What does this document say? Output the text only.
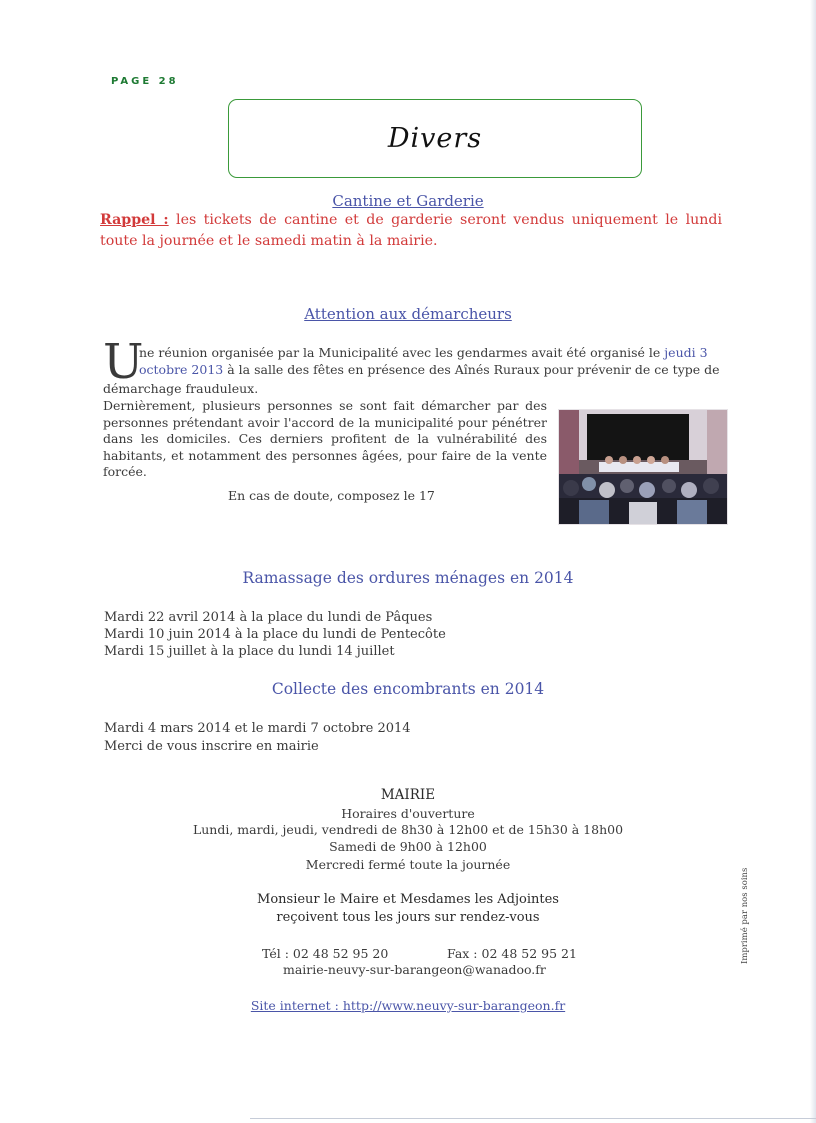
PAGE 28
Divers
Cantine et Garderie
Rappel : les tickets de cantine et de garderie seront vendus uniquement le lundi toute la journée et le samedi matin à la mairie.
Attention aux démarcheurs
U
ne réunion organisée par la Municipalité avec les gendarmes avait été organisé le jeudi 3
octobre 2013 à la salle des fêtes en présence des Aînés Ruraux pour prévenir de ce type de
démarchage frauduleux.
Dernièrement, plusieurs personnes se sont fait démarcher par des personnes prétendant avoir l'accord de la municipalité pour pénétrer dans les domiciles. Ces derniers profitent de la vulnérabilité des habitants, et notamment des personnes âgées, pour faire de la vente forcée.
En cas de doute, composez le 17
Ramassage des ordures ménages en 2014
Mardi 22 avril 2014 à la place du lundi de Pâques
Mardi 10 juin 2014 à la place du lundi de Pentecôte
Mardi 15 juillet à la place du lundi 14 juillet
Collecte des encombrants en 2014
Mardi 4 mars 2014 et le mardi 7 octobre 2014
Merci de vous inscrire en mairie
MAIRIE
Horaires d'ouverture
Lundi, mardi, jeudi, vendredi de 8h30 à 12h00 et de 15h30 à 18h00
Samedi de 9h00 à 12h00
Mercredi fermé toute la journée
Monsieur le Maire et Mesdames les Adjointes
reçoivent tous les jours sur rendez-vous
Tél : 02 48 52 95 20	Fax : 02 48 52 95 21
mairie-neuvy-sur-barangeon@wanadoo.fr
Site internet : http://www.neuvy-sur-barangeon.fr
Imprimé par nos soins
